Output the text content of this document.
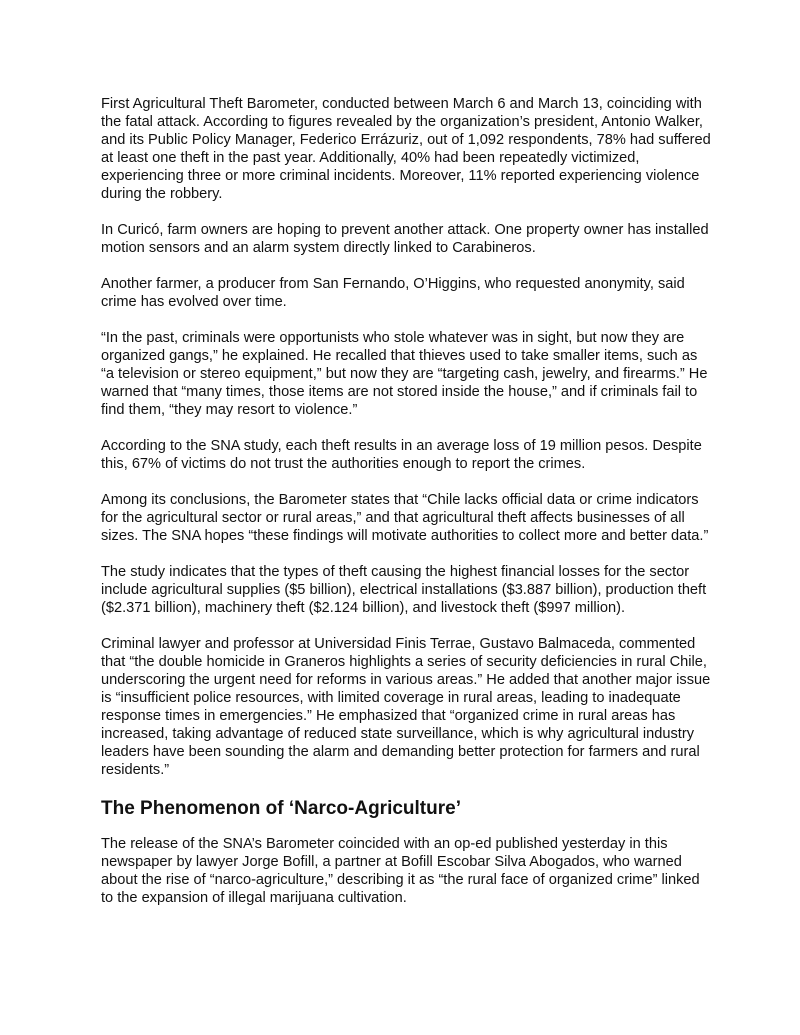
First Agricultural Theft Barometer, conducted between March 6 and March 13, coinciding with the fatal attack. According to figures revealed by the organization’s president, Antonio Walker, and its Public Policy Manager, Federico Errázuriz, out of 1,092 respondents, 78% had suffered at least one theft in the past year. Additionally, 40% had been repeatedly victimized, experiencing three or more criminal incidents. Moreover, 11% reported experiencing violence during the robbery.

In Curicó, farm owners are hoping to prevent another attack. One property owner has installed motion sensors and an alarm system directly linked to Carabineros.

Another farmer, a producer from San Fernando, O’Higgins, who requested anonymity, said crime has evolved over time.

“In the past, criminals were opportunists who stole whatever was in sight, but now they are organized gangs,” he explained. He recalled that thieves used to take smaller items, such as “a television or stereo equipment,” but now they are “targeting cash, jewelry, and firearms.” He warned that “many times, those items are not stored inside the house,” and if criminals fail to find them, “they may resort to violence.”

According to the SNA study, each theft results in an average loss of 19 million pesos. Despite this, 67% of victims do not trust the authorities enough to report the crimes.

Among its conclusions, the Barometer states that “Chile lacks official data or crime indicators for the agricultural sector or rural areas,” and that agricultural theft affects businesses of all sizes. The SNA hopes “these findings will motivate authorities to collect more and better data.”

The study indicates that the types of theft causing the highest financial losses for the sector include agricultural supplies ($5 billion), electrical installations ($3.887 billion), production theft ($2.371 billion), machinery theft ($2.124 billion), and livestock theft ($997 million).

Criminal lawyer and professor at Universidad Finis Terrae, Gustavo Balmaceda, commented that “the double homicide in Graneros highlights a series of security deficiencies in rural Chile, underscoring the urgent need for reforms in various areas.” He added that another major issue is “insufficient police resources, with limited coverage in rural areas, leading to inadequate response times in emergencies.” He emphasized that “organized crime in rural areas has increased, taking advantage of reduced state surveillance, which is why agricultural industry leaders have been sounding the alarm and demanding better protection for farmers and rural residents.”

The Phenomenon of ‘Narco-Agriculture’

The release of the SNA’s Barometer coincided with an op-ed published yesterday in this newspaper by lawyer Jorge Bofill, a partner at Bofill Escobar Silva Abogados, who warned about the rise of “narco-agriculture,” describing it as “the rural face of organized crime” linked to the expansion of illegal marijuana cultivation.
